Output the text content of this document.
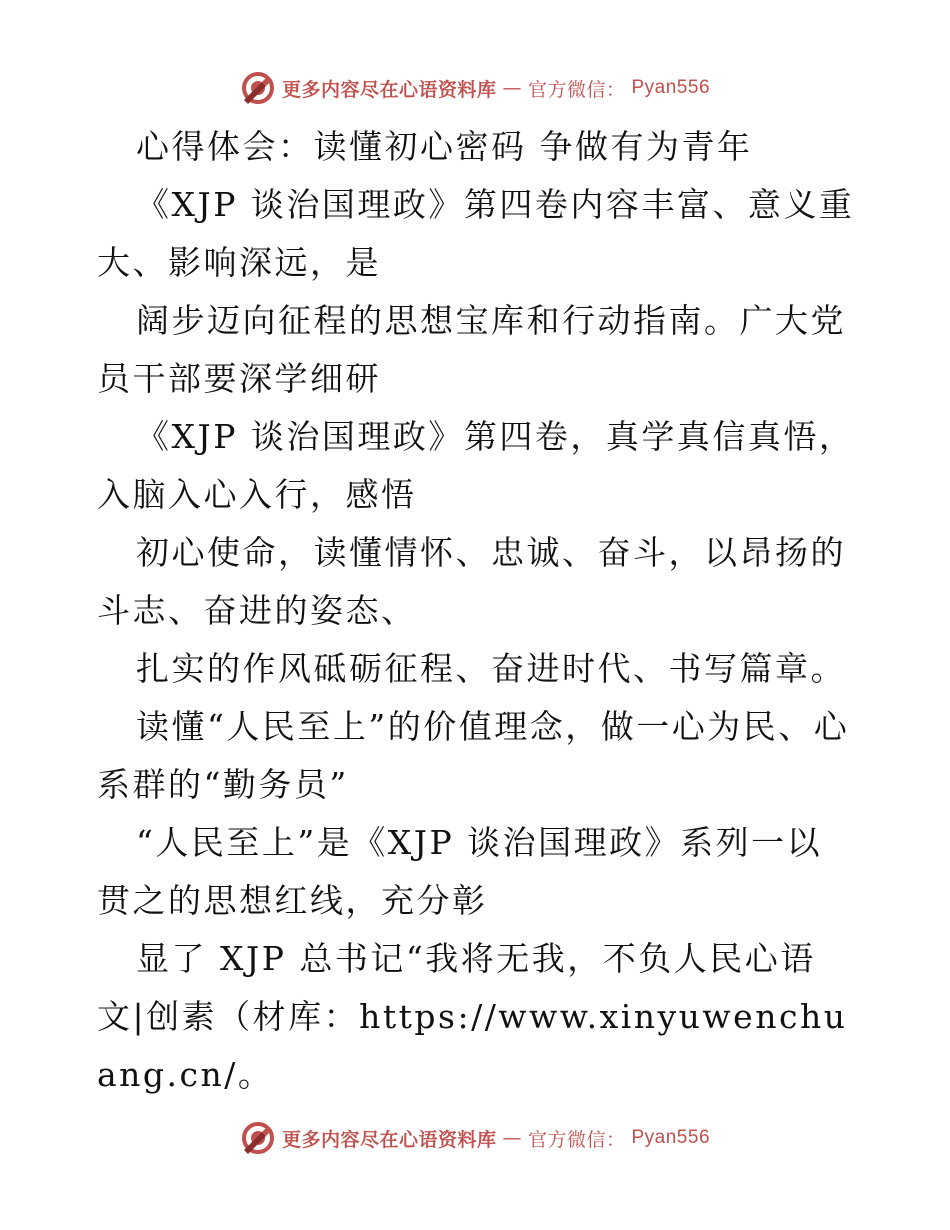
更多内容尽在心语资料库 — 官方微信： Pyan556

心得体会：读懂初心密码 争做有为青年

《XJP 谈治国理政》第四卷内容丰富、意义重大、影响深远，是

阔步迈向征程的思想宝库和行动指南。广大党员干部要深学细研

《XJP 谈治国理政》第四卷，真学真信真悟，入脑入心入行，感悟

初心使命，读懂情怀、忠诚、奋斗，以昂扬的斗志、奋进的姿态、

扎实的作风砥砺征程、奋进时代、书写篇章。

读懂“人民至上”的价值理念，做一心为民、心系群的“勤务员”

“人民至上”是《XJP 谈治国理政》系列一以贯之的思想红线，充分彰

显了 XJP 总书记“我将无我，不负人民心语文|创素（材库：https://www.xinyuwenchuang.cn/。

更多内容尽在心语资料库 — 官方微信： Pyan556
